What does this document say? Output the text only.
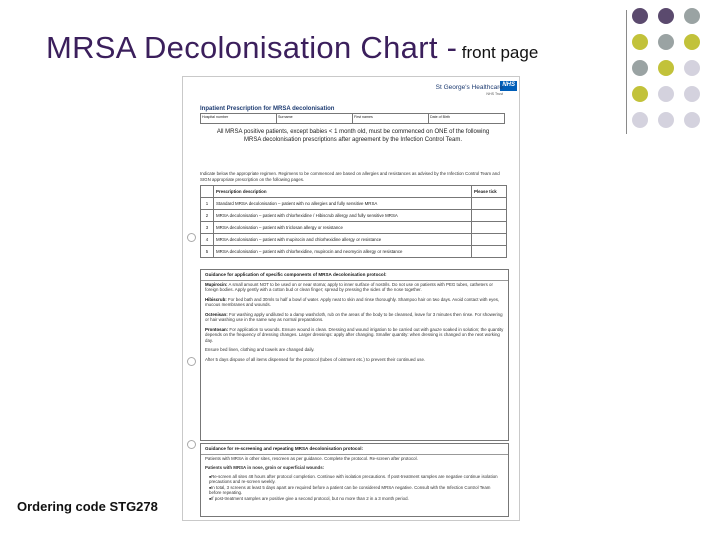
MRSA Decolonisation Chart - front page
Ordering code STG278
NHS
St George's Healthcare
NHS Trust
Inpatient Prescription for MRSA decolonisation
Hospital number	Surname	First names	Date of Birth
All MRSA positive patients, except babies < 1 month old, must be commenced on ONE of the following MRSA decolonisation prescriptions after agreement by the Infection Control Team.
Indicate below the appropriate regimen. Regimens to be commenced are based on allergies and resistances as advised by the Infection Control Team and SIGN appropriate prescription on the following pages.
	Prescription description	Please tick
1	Standard MRSA decolonisation – patient with no allergies and fully sensitive MRSA	
2	MRSA decolonisation – patient with chlorhexidine / Hibiscrub allergy and fully sensitive MRSA	
3	MRSA decolonisation – patient with triclosan allergy or resistance	
4	MRSA decolonisation – patient with mupirocin and chlorhexidine allergy or resistance	
5	MRSA decolonisation – patient with chlorhexidine, mupirocin and neomycin allergy or resistance	
Guidance for application of specific components of MRSA decolonisation protocol:
Mupirocin: A small amount NOT to be used on or near stoma; apply to inner surface of nostrils. Do not use on patients with PEG tubes, catheters or foreign bodies. Apply gently with a cotton bud or clean finger; spread by pressing the sides of the nose together.
Hibiscrub: For bed bath and 30mls to half a bowl of water. Apply neat to skin and rinse thoroughly. Shampoo hair on two days. Avoid contact with eyes, mucous membranes and wounds.
Octenisan: For washing apply undiluted to a damp washcloth, rub on the areas of the body to be cleansed, leave for 3 minutes then rinse. For showering or hair washing use in the same way as normal preparations.
Prontosan: For application to wounds. Ensure wound is clean. Dressing and wound irrigation to be carried out with gauze soaked in solution; the quantity depends on the frequency of dressing changes. Larger dressings: apply after changing. Smaller quantity: when dressing is changed on the next working day.
Ensure bed linen, clothing and towels are changed daily.
After 5 days dispose of all items dispensed for the protocol (tubes of ointment etc.) to prevent their continued use.
Guidance for re-screening and repeating MRSA decolonisation protocol:
Patients with MRSA in other sites, rescreen as per guidance. Complete the protocol. Re-screen after protocol.
Patients with MRSA in nose, groin or superficial wounds:
■ Re-screen all sites 48 hours after protocol completion. Continue with isolation precautions. If post-treatment samples are negative continue isolation precautions and re-screen weekly.
■ In total, 3 screens at least 5 days apart are required before a patient can be considered MRSA negative. Consult with the Infection Control Team before repeating.
■ If post-treatment samples are positive give a second protocol, but no more than 2 in a 3 month period.
